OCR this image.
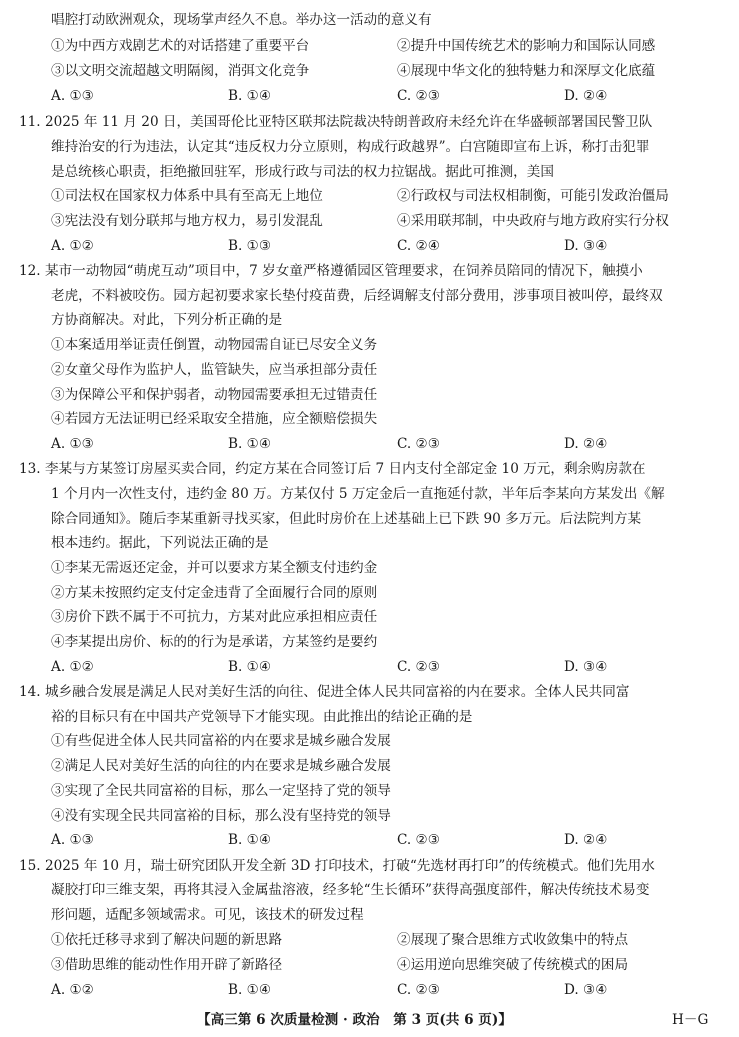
唱腔打动欧洲观众，现场掌声经久不息。举办这一活动的意义有
①为中西方戏剧艺术的对话搭建了重要平台	②提升中国传统艺术的影响力和国际认同感
③以文明交流超越文明隔阂，消弭文化竞争	④展现中华文化的独特魅力和深厚文化底蕴
A. ①③	B. ①④	C. ②③	D. ②④
11. 2025 年 11 月 20 日，美国哥伦比亚特区联邦法院裁决特朗普政府未经允许在华盛顿部署国民警卫队
维持治安的行为违法，认定其“违反权力分立原则，构成行政越界”。白宫随即宣布上诉，称打击犯罪
是总统核心职责，拒绝撤回驻军，形成行政与司法的权力拉锯战。据此可推测，美国
①司法权在国家权力体系中具有至高无上地位	②行政权与司法权相制衡，可能引发政治僵局
③宪法没有划分联邦与地方权力，易引发混乱	④采用联邦制，中央政府与地方政府实行分权
A. ①②	B. ①③	C. ②④	D. ③④
12. 某市一动物园“萌虎互动”项目中，7 岁女童严格遵循园区管理要求，在饲养员陪同的情况下，触摸小
老虎，不料被咬伤。园方起初要求家长垫付疫苗费，后经调解支付部分费用，涉事项目被叫停，最终双
方协商解决。对此，下列分析正确的是
①本案适用举证责任倒置，动物园需自证已尽安全义务
②女童父母作为监护人，监管缺失，应当承担部分责任
③为保障公平和保护弱者，动物园需要承担无过错责任
④若园方无法证明已经采取安全措施，应全额赔偿损失
A. ①③	B. ①④	C. ②③	D. ②④
13. 李某与方某签订房屋买卖合同，约定方某在合同签订后 7 日内支付全部定金 10 万元，剩余购房款在
1 个月内一次性支付，违约金 80 万。方某仅付 5 万定金后一直拖延付款，半年后李某向方某发出《解
除合同通知》。随后李某重新寻找买家，但此时房价在上述基础上已下跌 90 多万元。后法院判方某
根本违约。据此，下列说法正确的是
①李某无需返还定金，并可以要求方某全额支付违约金
②方某未按照约定支付定金违背了全面履行合同的原则
③房价下跌不属于不可抗力，方某对此应承担相应责任
④李某提出房价、标的的行为是承诺，方某签约是要约
A. ①②	B. ①④	C. ②③	D. ③④
14. 城乡融合发展是满足人民对美好生活的向往、促进全体人民共同富裕的内在要求。全体人民共同富
裕的目标只有在中国共产党领导下才能实现。由此推出的结论正确的是
①有些促进全体人民共同富裕的内在要求是城乡融合发展
②满足人民对美好生活的向往的内在要求是城乡融合发展
③实现了全民共同富裕的目标，那么一定坚持了党的领导
④没有实现全民共同富裕的目标，那么没有坚持党的领导
A. ①③	B. ①④	C. ②③	D. ②④
15. 2025 年 10 月，瑞士研究团队开发全新 3D 打印技术，打破“先选材再打印”的传统模式。他们先用水
凝胶打印三维支架，再将其浸入金属盐溶液，经多轮“生长循环”获得高强度部件，解决传统技术易变
形问题，适配多领域需求。可见，该技术的研发过程
①依托迁移寻求到了解决问题的新思路	②展现了聚合思维方式收敛集中的特点
③借助思维的能动性作用开辟了新路径	④运用逆向思维突破了传统模式的困局
A. ①②	B. ①④	C. ②③	D. ③④
【高三第 6 次质量检测 · 政治　第 3 页(共 6 页)】	H－G
